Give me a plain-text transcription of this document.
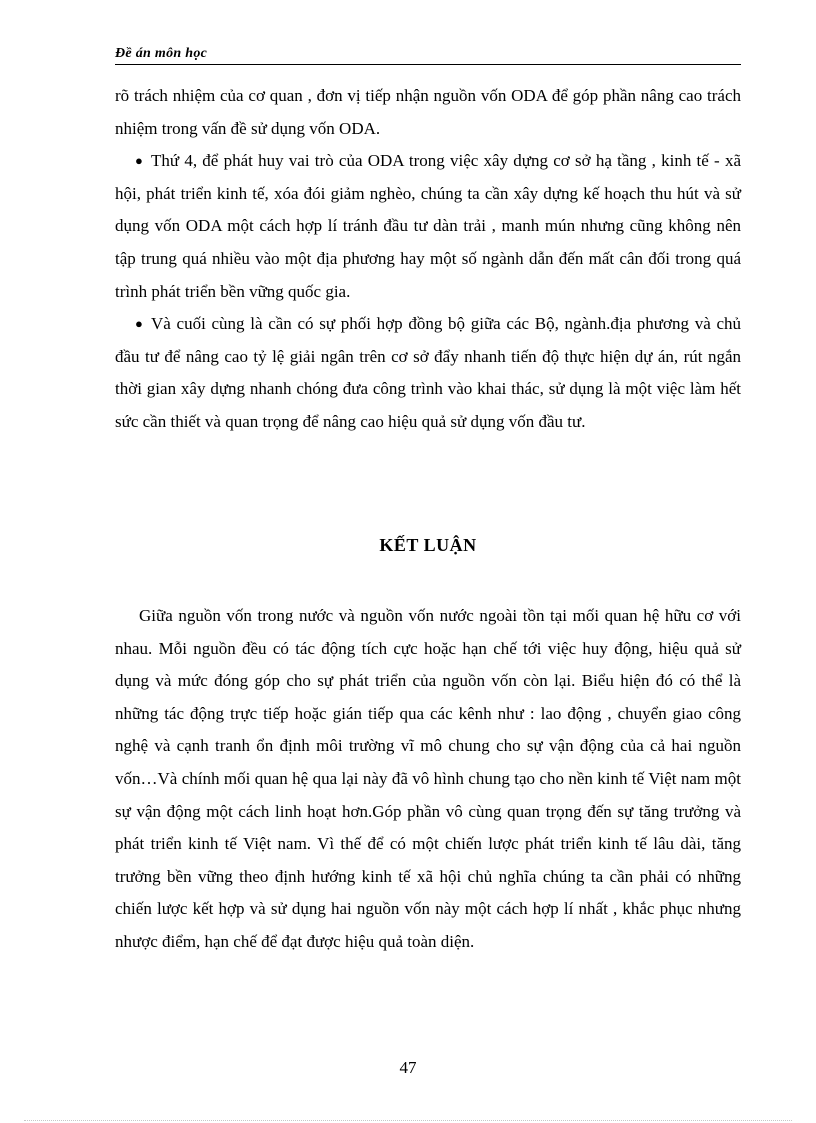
Đề án môn học

rõ trách nhiệm của cơ quan , đơn vị tiếp nhận nguồn vốn ODA để góp phần nâng cao trách nhiệm trong vấn đề sử dụng vốn ODA.

● Thứ 4, để phát huy vai trò của ODA trong việc xây dựng cơ sở hạ tầng , kinh tế - xã hội, phát triển kinh tế, xóa đói giảm nghèo, chúng ta cần xây dựng kế hoạch thu hút và sử dụng vốn ODA một cách hợp lí tránh đầu tư dàn trải , manh mún nhưng cũng không nên tập trung quá nhiều vào một địa phương hay một số ngành dẫn đến mất cân đối trong quá trình phát triển bền vững quốc gia.

● Và cuối cùng là cần có sự phối hợp đồng bộ giữa các Bộ, ngành.địa phương và chủ đầu tư để nâng cao tỷ lệ giải ngân trên cơ sở đẩy nhanh tiến độ thực hiện dự án, rút ngắn thời gian xây dựng nhanh chóng đưa công trình vào khai thác, sử dụng là một việc làm hết sức cần thiết và quan trọng để nâng cao hiệu quả sử dụng vốn đầu tư.

KẾT LUẬN

Giữa nguồn vốn trong nước và nguồn vốn nước ngoài tồn tại mối quan hệ hữu cơ với nhau. Mỗi nguồn đều có tác động tích cực hoặc hạn chế tới việc huy động, hiệu quả sử dụng và mức đóng góp cho sự phát triển của nguồn vốn còn lại. Biểu hiện đó có thể là những tác động trực tiếp hoặc gián tiếp qua các kênh như : lao động , chuyển giao công nghệ và cạnh tranh ổn định môi trường vĩ mô chung cho sự vận động của cả hai nguồn vốn…Và chính mối quan hệ qua lại này đã vô hình chung tạo cho nền kinh tế Việt nam một sự vận động một cách linh hoạt hơn.Góp phần vô cùng quan trọng đến sự tăng trưởng và phát triển kinh tế Việt nam. Vì thế để có một chiến lược phát triển kinh tế lâu dài, tăng trưởng bền vững theo định hướng kinh tế xã hội chủ nghĩa chúng ta cần phải có những chiến lược kết hợp và sử dụng hai nguồn vốn này một cách hợp lí nhất , khắc phục nhưng nhược điểm, hạn chế để đạt được hiệu quả toàn diện.

47
